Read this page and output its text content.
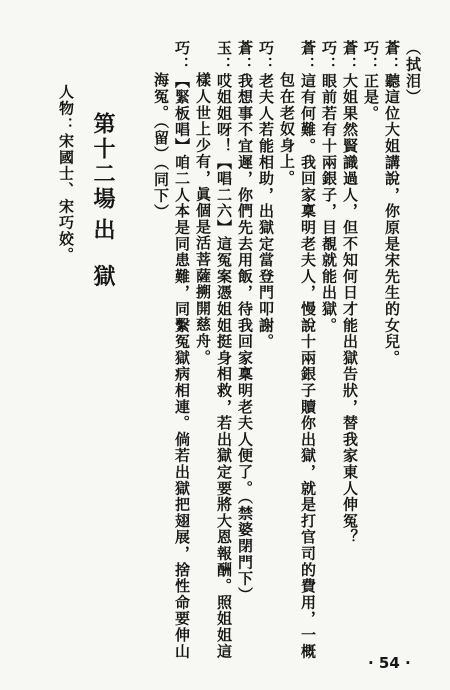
（拭泪）
蒼：聽這位大姐講說，你原是宋先生的女兒。
巧：正是。
蒼：大姐果然賢識過人，但不知何日才能出獄告狀，替我家東人伸冤？
巧：眼前若有十兩銀子，目覩就能出獄。
蒼：這有何難。我回家稟明老夫人，慢說十兩銀子贖你出獄，就是打官司的費用，一概
包在老奴身上。
巧：老夫人若能相助，出獄定當登門叩謝。
蒼：我想事不宜遲，你們先去用飯，待我回家稟明老夫人便了。（禁婆閉門下）
玉：哎姐姐呀！【唱二六】這冤案憑姐姐挺身相救，若出獄定要將大恩報酬。照姐姐這
樣人世上少有，眞個是活菩薩搠開慈舟。
巧：【緊板唱】咱二人本是同患難，同繫冤獄病相連。倘若出獄把翅展，捨性命要伸山
海冤。（留）（同下）
第十二場
出　獄
人物：宋國士、宋巧姣。
· 54 ·
